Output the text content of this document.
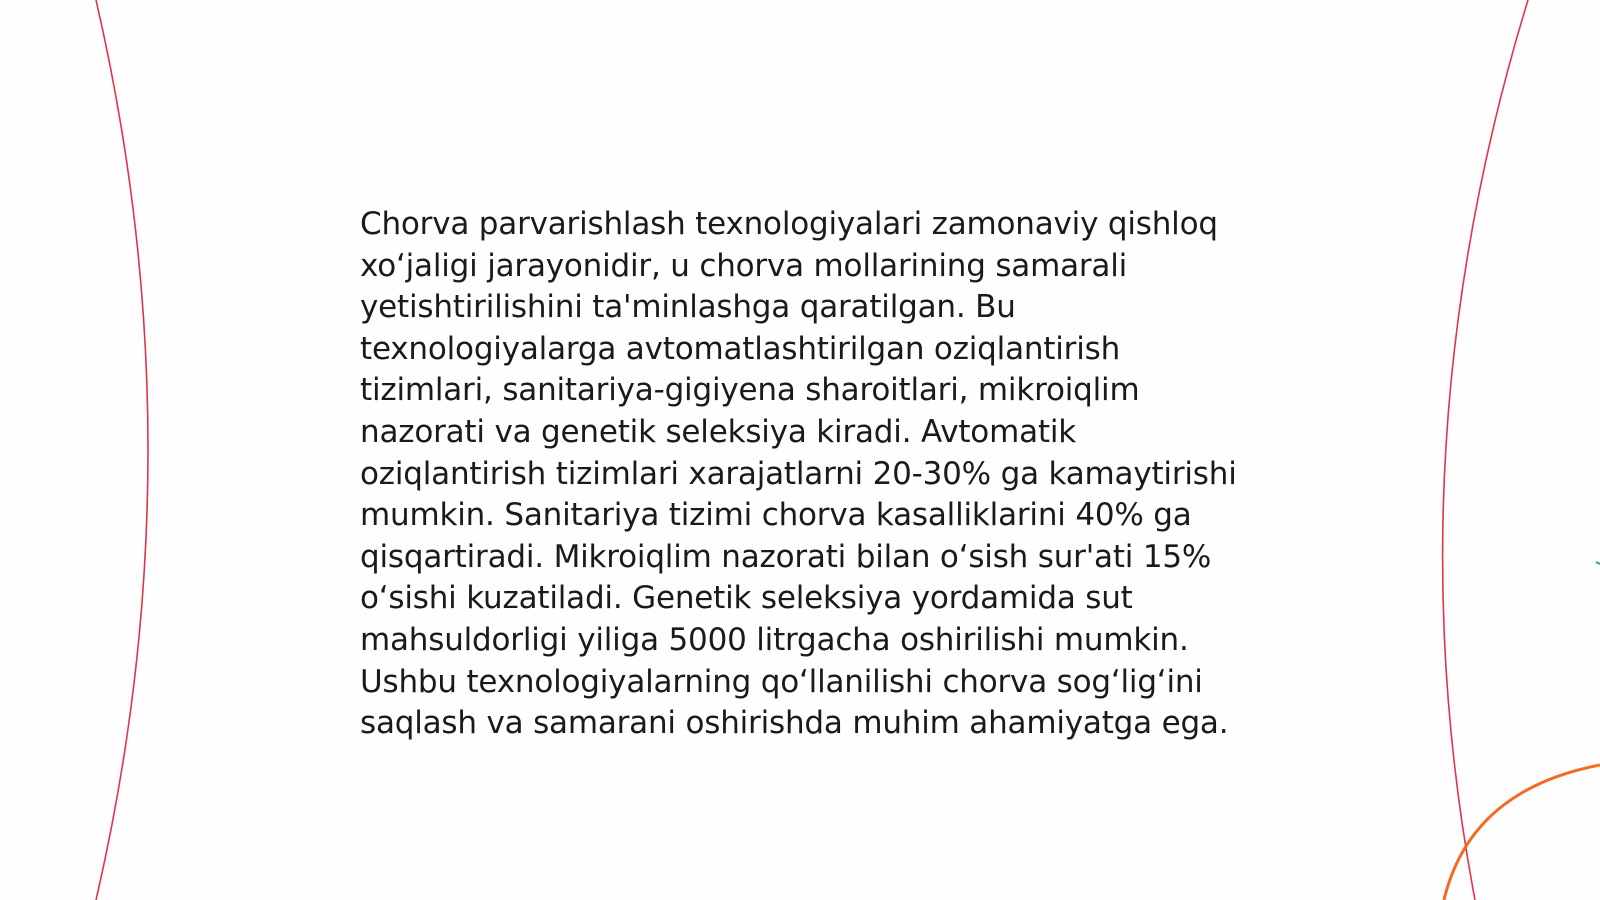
Chorva parvarishlash texnologiyalari zamonaviy qishloq xo‘jaligi jarayonidir, u chorva mollarining samarali yetishtirilishini ta'minlashga qaratilgan. Bu texnologiyalarga avtomatlashtirilgan oziqlantirish tizimlari, sanitariya-gigiyena sharoitlari, mikroiqlim nazorati va genetik seleksiya kiradi. Avtomatik oziqlantirish tizimlari xarajatlarni 20-30% ga kamaytirishi mumkin. Sanitariya tizimi chorva kasalliklarini 40% ga qisqartiradi. Mikroiqlim nazorati bilan o‘sish sur'ati 15% o‘sishi kuzatiladi. Genetik seleksiya yordamida sut mahsuldorligi yiliga 5000 litrgacha oshirilishi mumkin. Ushbu texnologiyalarning qo‘llanilishi chorva sog‘lig‘ini saqlash va samarani oshirishda muhim ahamiyatga ega.
